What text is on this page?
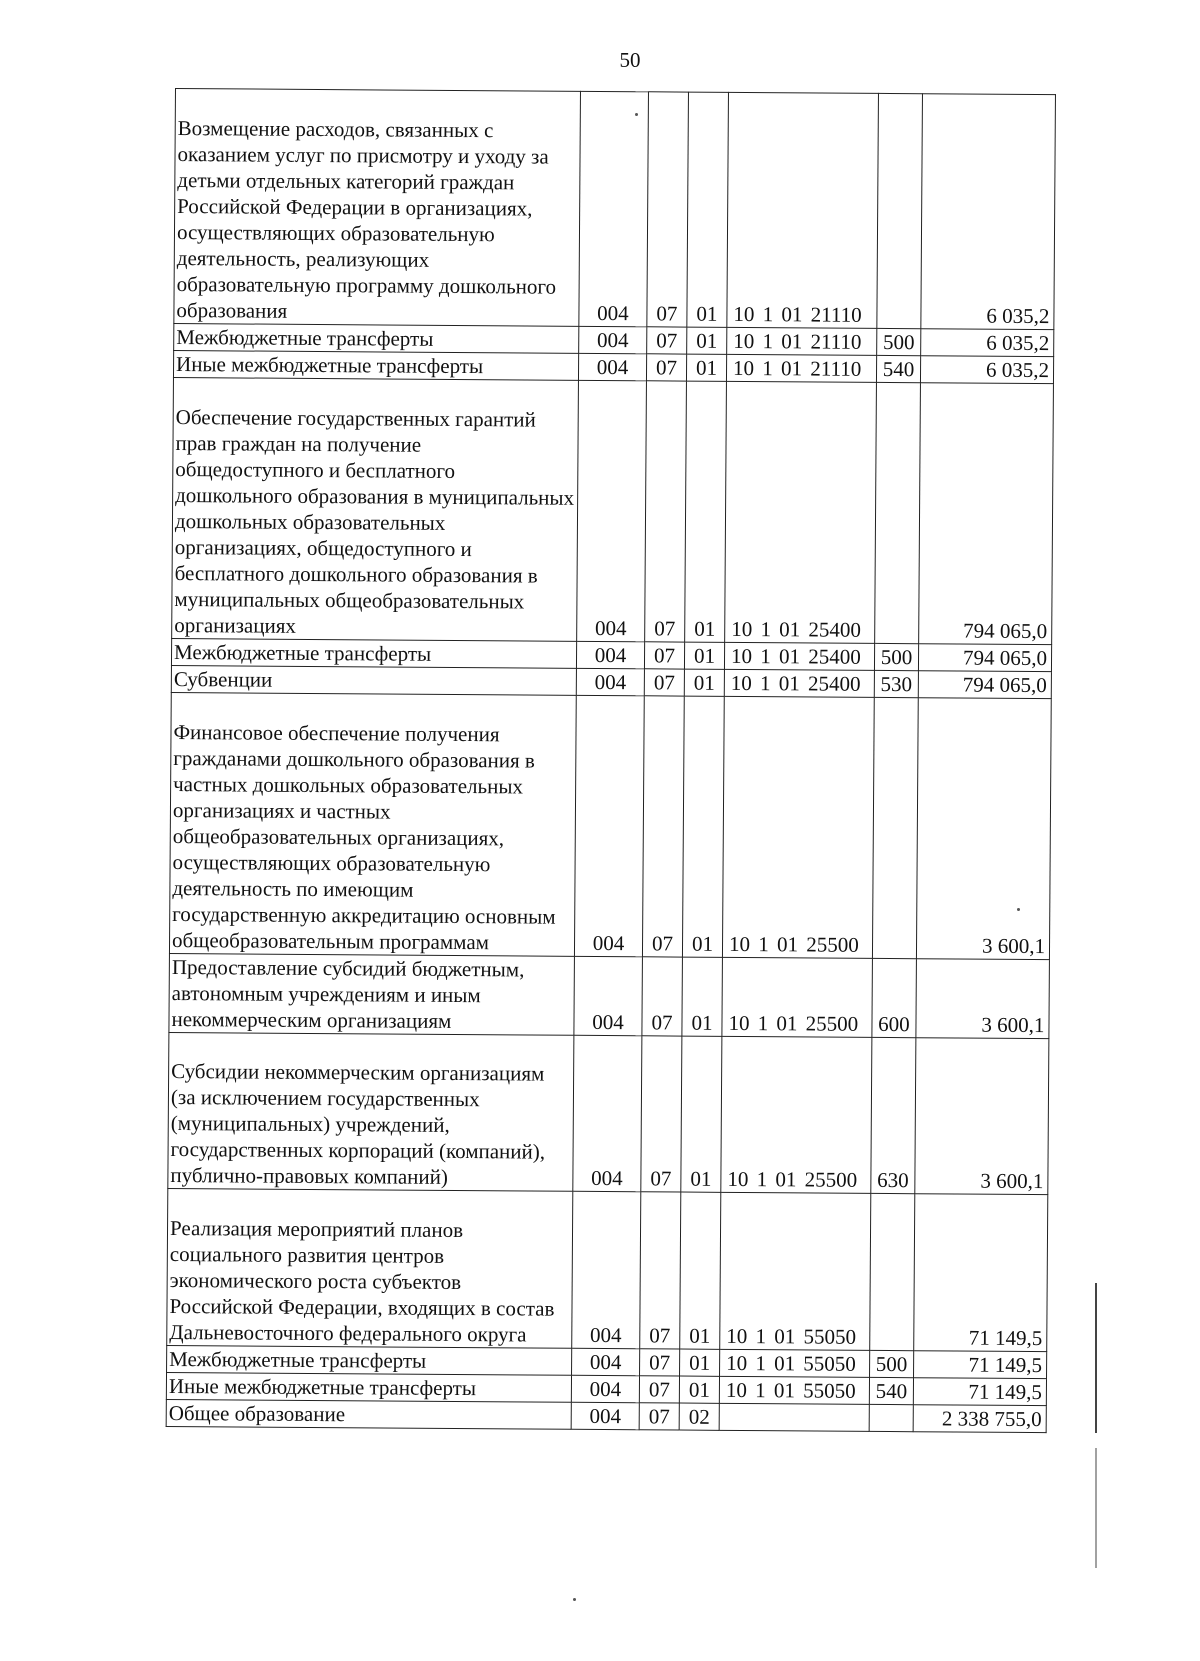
50
Возмещение расходов, связанных с оказанием услуг по присмотру и уходу за детьми отдельных категорий граждан Российской Федерации в организациях, осуществляющих образовательную деятельность, реализующих образовательную программу дошкольного образования	004	07	01	10 1 01 21110		6 035,2
Межбюджетные трансферты	004	07	01	10 1 01 21110	500	6 035,2
Иные межбюджетные трансферты	004	07	01	10 1 01 21110	540	6 035,2
Обеспечение государственных гарантий прав граждан на получение общедоступного и бесплатного дошкольного образования в муниципальных дошкольных образовательных организациях, общедоступного и бесплатного дошкольного образования в муниципальных общеобразовательных организациях	004	07	01	10 1 01 25400		794 065,0
Межбюджетные трансферты	004	07	01	10 1 01 25400	500	794 065,0
Субвенции	004	07	01	10 1 01 25400	530	794 065,0
Финансовое обеспечение получения гражданами дошкольного образования в частных дошкольных образовательных организациях и частных общеобразовательных организациях, осуществляющих образовательную деятельность по имеющим государственную аккредитацию основным общеобразовательным программам	004	07	01	10 1 01 25500		3 600,1
Предоставление субсидий бюджетным, автономным учреждениям и иным некоммерческим организациям	004	07	01	10 1 01 25500	600	3 600,1
Субсидии некоммерческим организациям (за исключением государственных (муниципальных) учреждений, государственных корпораций (компаний), публично-правовых компаний)	004	07	01	10 1 01 25500	630	3 600,1
Реализация мероприятий планов социального развития центров экономического роста субъектов Российской Федерации, входящих в состав Дальневосточного федерального округа	004	07	01	10 1 01 55050		71 149,5
Межбюджетные трансферты	004	07	01	10 1 01 55050	500	71 149,5
Иные межбюджетные трансферты	004	07	01	10 1 01 55050	540	71 149,5
Общее образование	004	07	02			2 338 755,0
